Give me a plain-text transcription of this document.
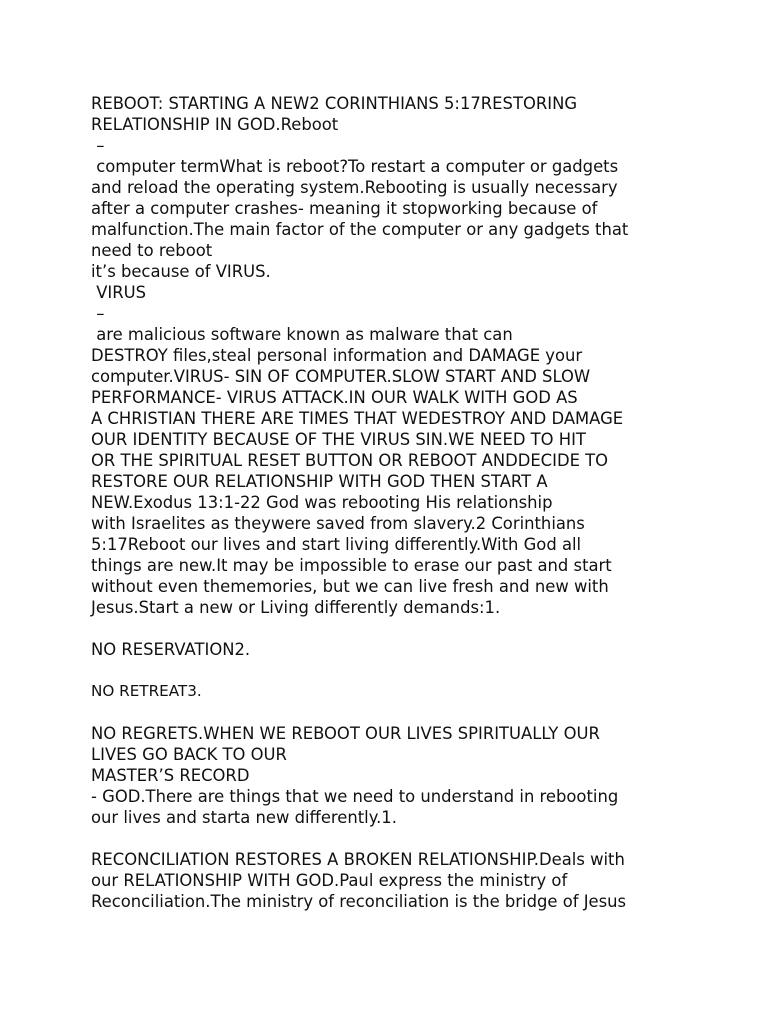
REBOOT: STARTING A NEW2 CORINTHIANS 5:17RESTORING
RELATIONSHIP IN GOD.Reboot
–
computer termWhat is reboot?To restart a computer or gadgets
and reload the operating system.Rebooting is usually necessary
after a computer crashes- meaning it stopworking because of
malfunction.The main factor of the computer or any gadgets that
need to reboot
it’s because of VIRUS.
VIRUS
–
are malicious software known as malware that can
DESTROY files,steal personal information and DAMAGE your
computer.VIRUS- SIN OF COMPUTER.SLOW START AND SLOW
PERFORMANCE- VIRUS ATTACK.IN OUR WALK WITH GOD AS
A CHRISTIAN THERE ARE TIMES THAT WEDESTROY AND DAMAGE
OUR IDENTITY BECAUSE OF THE VIRUS SIN.WE NEED TO HIT
OR THE SPIRITUAL RESET BUTTON OR REBOOT ANDDECIDE TO
RESTORE OUR RELATIONSHIP WITH GOD THEN START A
NEW.Exodus 13:1-22 God was rebooting His relationship
with Israelites as theywere saved from slavery.2 Corinthians
5:17Reboot our lives and start living differently.With God all
things are new.It may be impossible to erase our past and start
without even thememories, but we can live fresh and new with
Jesus.Start a new or Living differently demands:1.
NO RESERVATION2.
NO RETREAT3.
NO REGRETS.WHEN WE REBOOT OUR LIVES SPIRITUALLY OUR
LIVES GO BACK TO OUR
MASTER’S RECORD
- GOD.There are things that we need to understand in rebooting
our lives and starta new differently.1.
RECONCILIATION RESTORES A BROKEN RELATIONSHIP.Deals with
our RELATIONSHIP WITH GOD.Paul express the ministry of
Reconciliation.The ministry of reconciliation is the bridge of Jesus
